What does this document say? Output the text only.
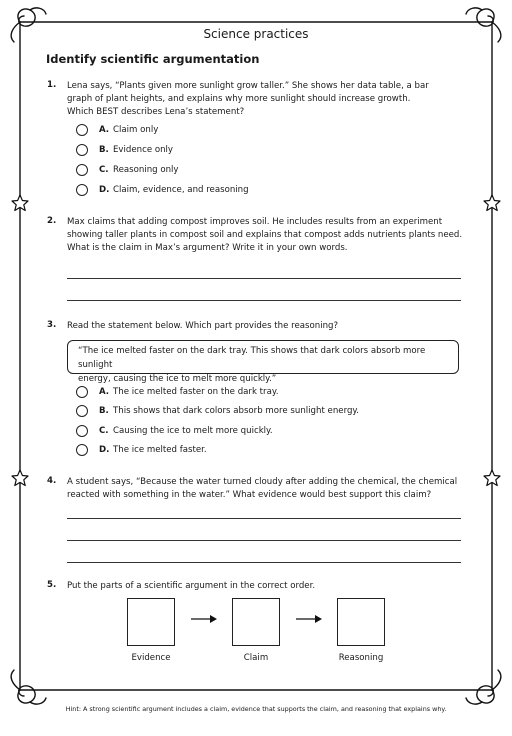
Science practices
Identify scientific argumentation
1. Lena says, “Plants given more sunlight grow taller.” She shows her data table, a bar
graph of plant heights, and explains why more sunlight should increase growth.
Which BEST describes Lena’s statement?
A. Claim only
B. Evidence only
C. Reasoning only
D. Claim, evidence, and reasoning
2. Max claims that adding compost improves soil. He includes results from an experiment
showing taller plants in compost soil and explains that compost adds nutrients plants need.
What is the claim in Max’s argument? Write it in your own words.
3. Read the statement below. Which part provides the reasoning?
“The ice melted faster on the dark tray. This shows that dark colors absorb more sunlight
energy, causing the ice to melt more quickly.”
A. The ice melted faster on the dark tray.
B. This shows that dark colors absorb more sunlight energy.
C. Causing the ice to melt more quickly.
D. The ice melted faster.
4. A student says, “Because the water turned cloudy after adding the chemical, the chemical
reacted with something in the water.” What evidence would best support this claim?
5. Put the parts of a scientific argument in the correct order.
Evidence	Claim	Reasoning
Hint: A strong scientific argument includes a claim, evidence that supports the claim, and reasoning that explains why.
